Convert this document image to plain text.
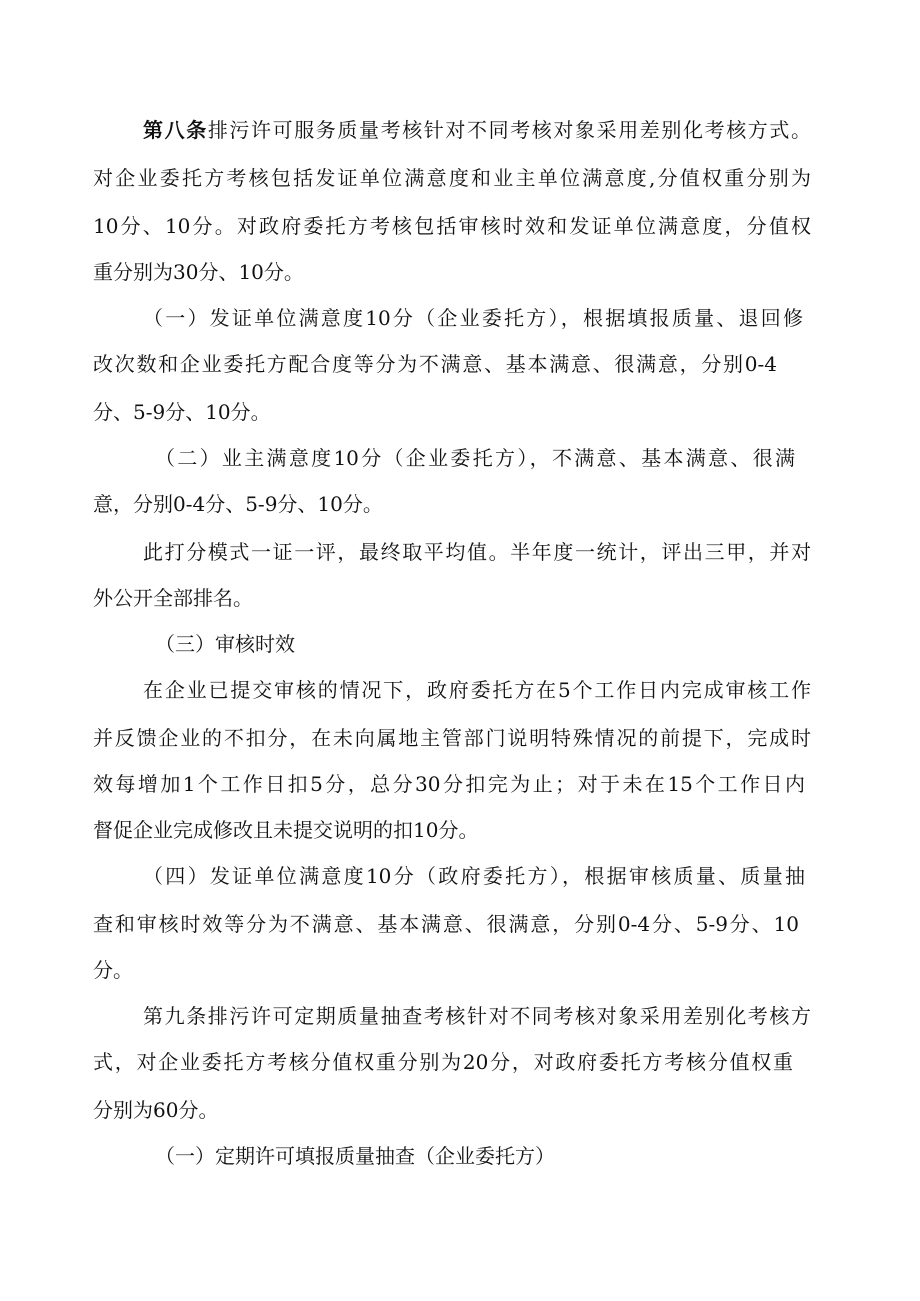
第八条排污许可服务质量考核针对不同考核对象采用差别化考核方式。
对企业委托方考核包括发证单位满意度和业主单位满意度,分值权重分别为
10分、10分。对政府委托方考核包括审核时效和发证单位满意度，分值权
重分别为30分、10分。
（一）发证单位满意度10分（企业委托方），根据填报质量、退回修
改次数和企业委托方配合度等分为不满意、基本满意、很满意，分别0-4
分、5-9分、10分。
（二）业主满意度10分（企业委托方），不满意、基本满意、很满
意，分别0-4分、5-9分、10分。
此打分模式一证一评，最终取平均值。半年度一统计，评出三甲，并对
外公开全部排名。
（三）审核时效
在企业已提交审核的情况下，政府委托方在5个工作日内完成审核工作
并反馈企业的不扣分，在未向属地主管部门说明特殊情况的前提下，完成时
效每增加1个工作日扣5分，总分30分扣完为止；对于未在15个工作日内
督促企业完成修改且未提交说明的扣10分。
（四）发证单位满意度10分（政府委托方），根据审核质量、质量抽
查和审核时效等分为不满意、基本满意、很满意，分别0-4分、5-9分、10
分。
第九条排污许可定期质量抽查考核针对不同考核对象采用差别化考核方
式，对企业委托方考核分值权重分别为20分，对政府委托方考核分值权重
分别为60分。
（一）定期许可填报质量抽查（企业委托方）
